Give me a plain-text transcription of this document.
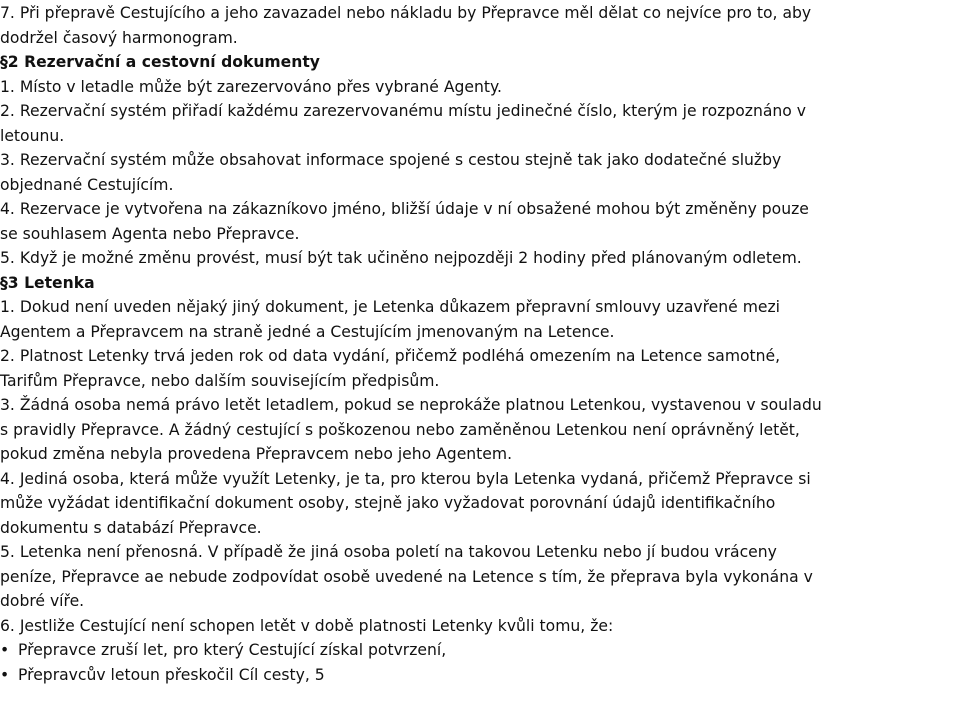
7. Při přepravě Cestujícího a jeho zavazadel nebo nákladu by Přepravce měl dělat co nejvíce pro to, aby
dodržel časový harmonogram.
§2 Rezervační a cestovní dokumenty
1. Místo v letadle může být zarezervováno přes vybrané Agenty.
2. Rezervační systém přiřadí každému zarezervovanému místu jedinečné číslo, kterým je rozpoznáno v
letounu.
3. Rezervační systém může obsahovat informace spojené s cestou stejně tak jako dodatečné služby
objednané Cestujícím.
4. Rezervace je vytvořena na zákazníkovo jméno, bližší údaje v ní obsažené mohou být změněny pouze
se souhlasem Agenta nebo Přepravce.
5. Když je možné změnu provést, musí být tak učiněno nejpozději 2 hodiny před plánovaným odletem.
§3 Letenka
1. Dokud není uveden nějaký jiný dokument, je Letenka důkazem přepravní smlouvy uzavřené mezi
Agentem a Přepravcem na straně jedné a Cestujícím jmenovaným na Letence.
2. Platnost Letenky trvá jeden rok od data vydání, přičemž podléhá omezením na Letence samotné,
Tarifům Přepravce, nebo dalším souvisejícím předpisům.
3. Žádná osoba nemá právo letět letadlem, pokud se neprokáže platnou Letenkou, vystavenou v souladu
s pravidly Přepravce. A žádný cestující s poškozenou nebo zaměněnou Letenkou není oprávněný letět,
pokud změna nebyla provedena Přepravcem nebo jeho Agentem.
4. Jediná osoba, která může využít Letenky, je ta, pro kterou byla Letenka vydaná, přičemž Přepravce si
může vyžádat identifikační dokument osoby, stejně jako vyžadovat porovnání údajů identifikačního
dokumentu s databází Přepravce.
5. Letenka není přenosná. V případě že jiná osoba poletí na takovou Letenku nebo jí budou vráceny
peníze, Přepravce ae nebude zodpovídat osobě uvedené na Letence s tím, že přeprava byla vykonána v
dobré víře.
6. Jestliže Cestující není schopen letět v době platnosti Letenky kvůli tomu, že:
• Přepravce zruší let, pro který Cestující získal potvrzení,
• Přepravcův letoun přeskočil Cíl cesty, 5
